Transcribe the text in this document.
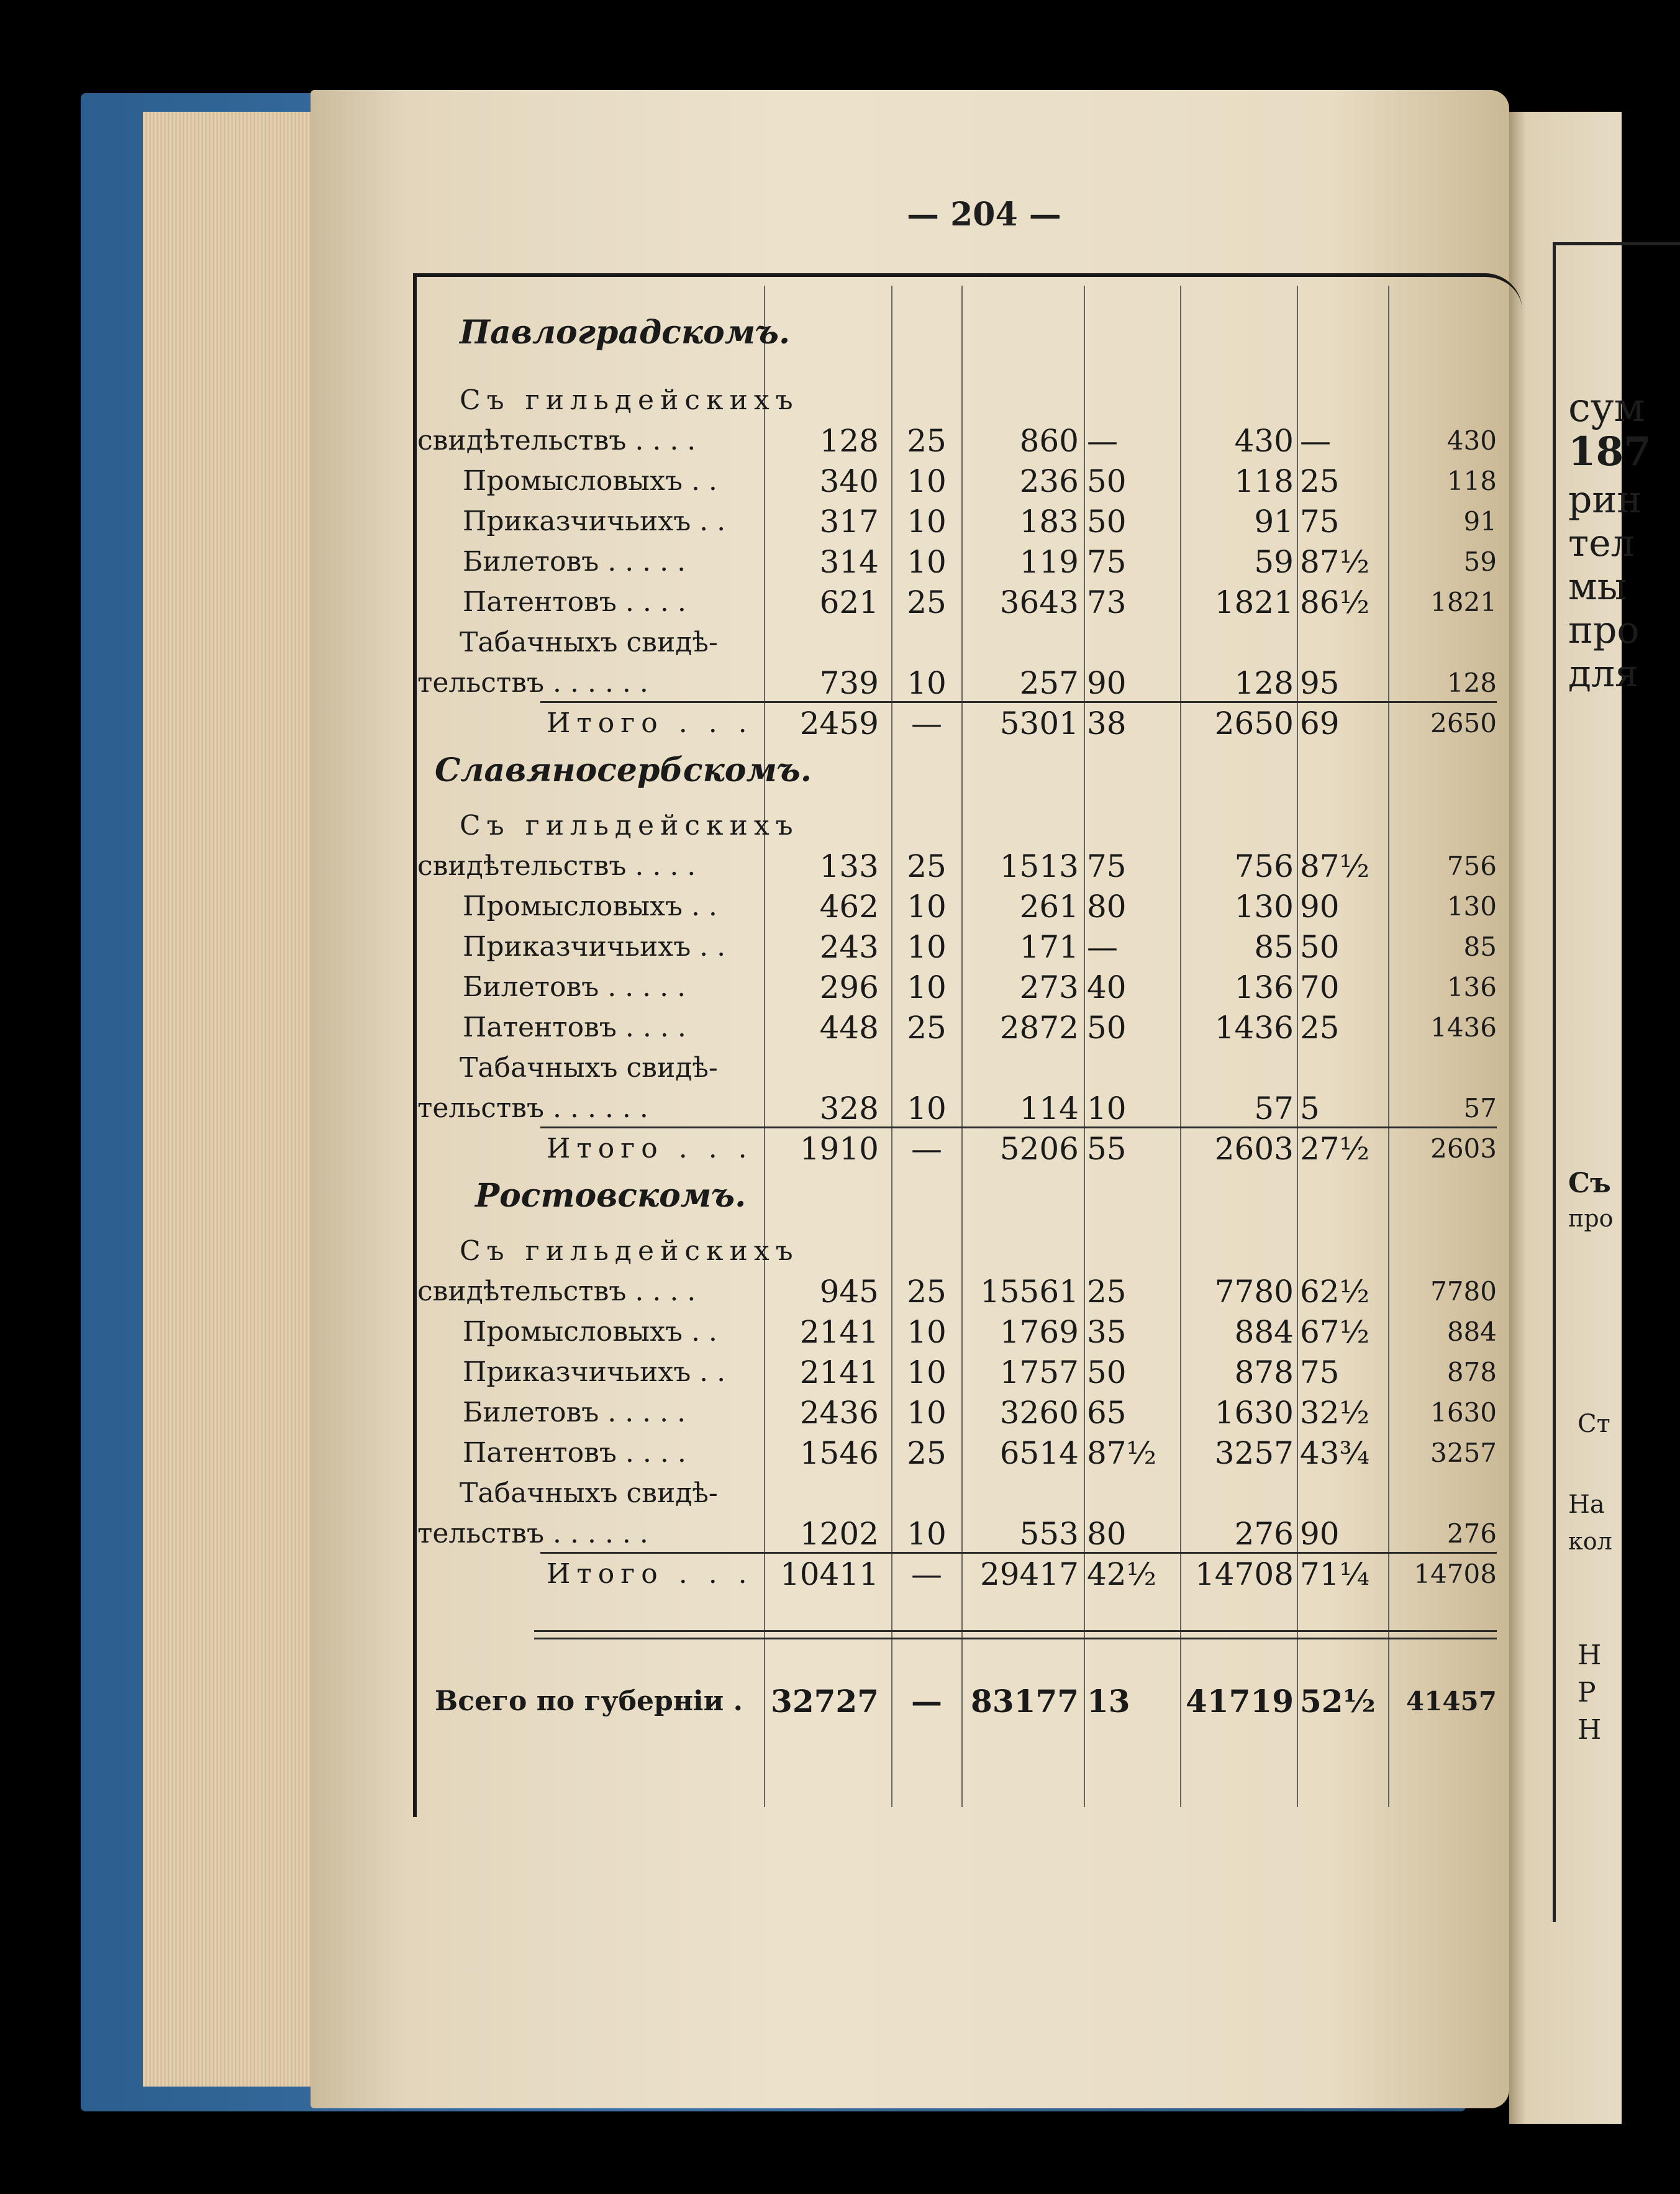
сум
187
рин
тел
мы
про
для
Съ
про
Ст
На
кол
Н
Р
Н
— 204 —
Павлоградскомъ.
Съ гильдейскихъ
свидѣтельствъ . . . .	128 25	860 —	430 —	430
Промысловыхъ . .	340 10	236 50	118 25	118
Приказчичьихъ . .	317 10	183 50	91 75	91
Билетовъ . . . . .	314 10	119 75	59 87½	59
Патентовъ . . . .	621 25	3643 73	1821 86½	1821
Табачныхъ свидѣ-
тельствъ . . . . . .	739 10	257 90	128 95	128
Итого . . .	2459	—	5301 38	2650 69	2650
Славяносербскомъ.
Съ гильдейскихъ
свидѣтельствъ . . . .	133 25	1513 75	756 87½	756
Промысловыхъ . .	462 10	261 80	130 90	130
Приказчичьихъ . .	243 10	171 —	85 50	85
Билетовъ . . . . .	296 10	273 40	136 70	136
Патентовъ . . . .	448 25	2872 50	1436 25	1436
Табачныхъ свидѣ-
тельствъ . . . . . .	328 10	114 10	57 5	57
Итого . . .	1910	—	5206 55	2603 27½	2603
Ростовскомъ.
Съ гильдейскихъ
свидѣтельствъ . . . .	945 25	15561 25	7780 62½	7780
Промысловыхъ . .	2141 10	1769 35	884 67½	884
Приказчичьихъ . .	2141 10	1757 50	878 75	878
Билетовъ . . . . .	2436 10	3260 65	1630 32½	1630
Патентовъ . . . .	1546 25	6514 87½	3257 43¾	3257
Табачныхъ свидѣ-
тельствъ . . . . . .	1202 10	553 80	276 90	276
Итого . . . 10411	—	29417 42½	14708 71¼	14708
Всего по губерніи . 32727	— 83177 13	41719 52½	41457
